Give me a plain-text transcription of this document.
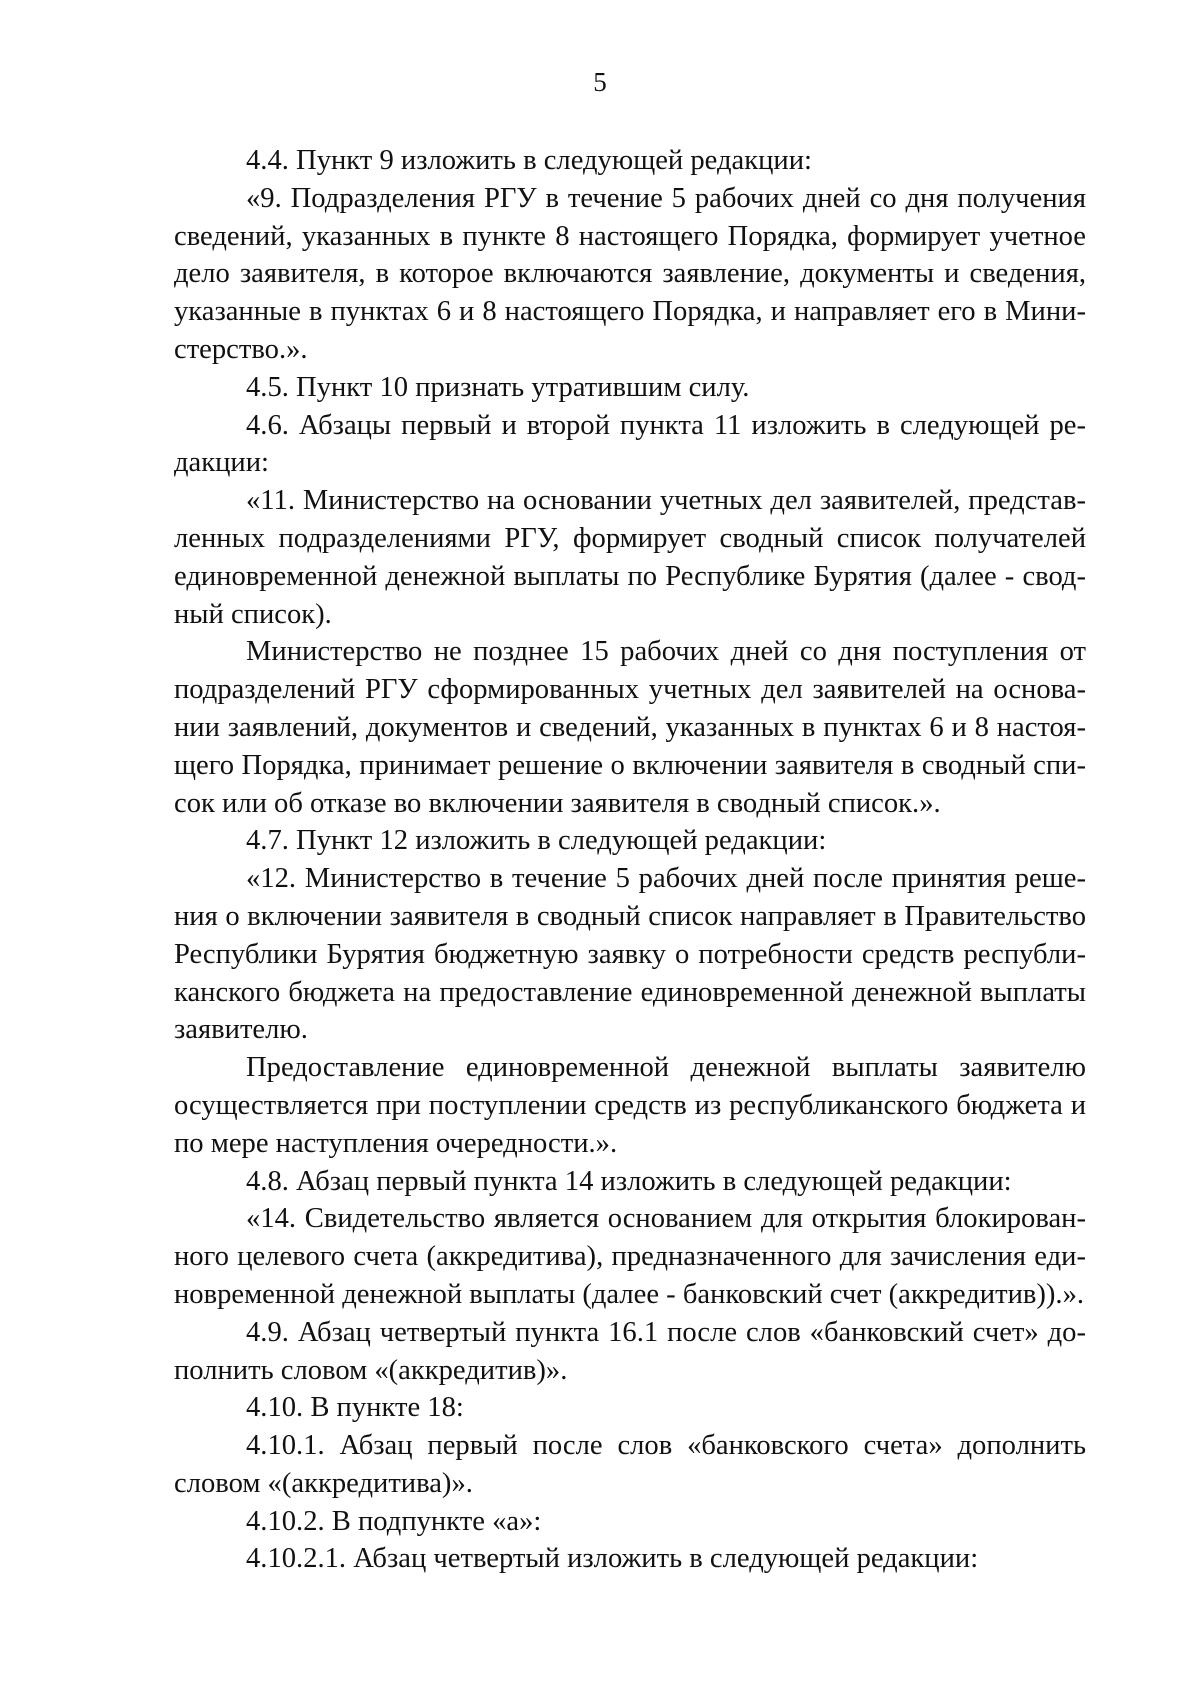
5

4.4. Пункт 9 изложить в следующей редакции:

«9. Подразделения РГУ в течение 5 рабочих дней со дня получения сведений, указанных в пункте 8 настоящего Порядка, формирует учетное дело заявителя, в которое включаются заявление, документы и сведения, указанные в пунктах 6 и 8 настоящего Порядка, и направляет его в Министерство.».

4.5. Пункт 10 признать утратившим силу.

4.6. Абзацы первый и второй пункта 11 изложить в следующей редакции:

«11. Министерство на основании учетных дел заявителей, представленных подразделениями РГУ, формирует сводный список получателей единовременной денежной выплаты по Республике Бурятия (далее - сводный список).

Министерство не позднее 15 рабочих дней со дня поступления от подразделений РГУ сформированных учетных дел заявителей на основании заявлений, документов и сведений, указанных в пунктах 6 и 8 настоящего Порядка, принимает решение о включении заявителя в сводный список или об отказе во включении заявителя в сводный список.».

4.7. Пункт 12 изложить в следующей редакции:

«12. Министерство в течение 5 рабочих дней после принятия решения о включении заявителя в сводный список направляет в Правительство Республики Бурятия бюджетную заявку о потребности средств республиканского бюджета на предоставление единовременной денежной выплаты заявителю.

Предоставление единовременной денежной выплаты заявителю осуществляется при поступлении средств из республиканского бюджета и по мере наступления очередности.».

4.8. Абзац первый пункта 14 изложить в следующей редакции:

«14. Свидетельство является основанием для открытия блокированного целевого счета (аккредитива), предназначенного для зачисления единовременной денежной выплаты (далее - банковский счет (аккредитив)).».

4.9. Абзац четвертый пункта 16.1 после слов «банковский счет» дополнить словом «(аккредитив)».

4.10. В пункте 18:

4.10.1. Абзац первый после слов «банковского счета» дополнить словом «(аккредитива)».

4.10.2. В подпункте «а»:

4.10.2.1. Абзац четвертый изложить в следующей редакции:
